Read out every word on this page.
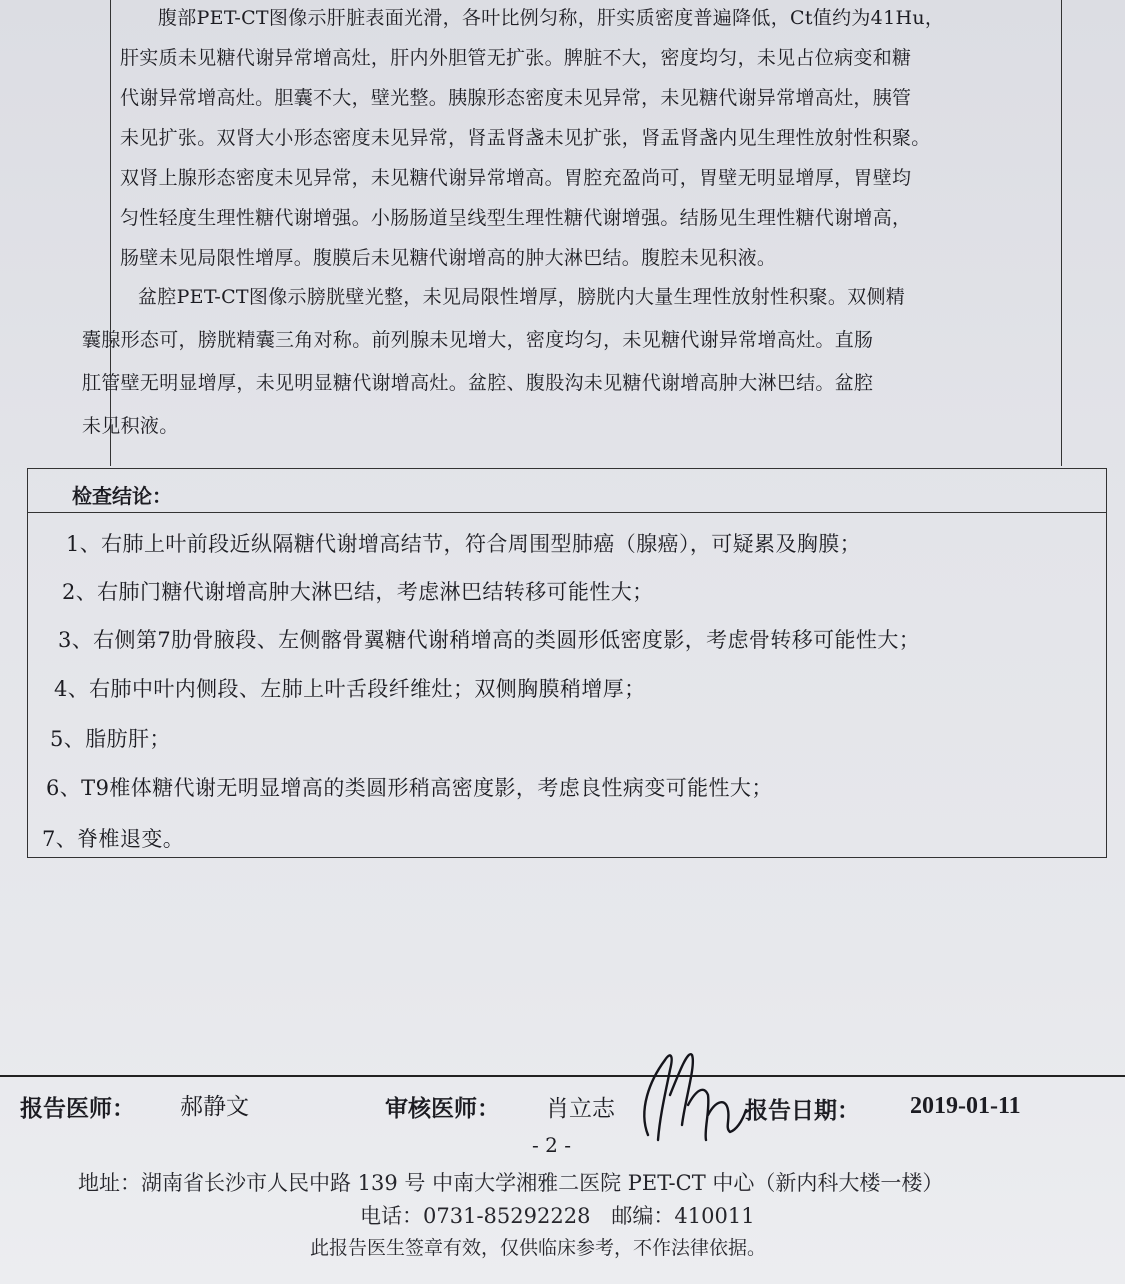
腹部PET-CT图像示肝脏表面光滑，各叶比例匀称，肝实质密度普遍降低，Ct值约为41Hu，
肝实质未见糖代谢异常增高灶，肝内外胆管无扩张。脾脏不大，密度均匀，未见占位病变和糖
代谢异常增高灶。胆囊不大，壁光整。胰腺形态密度未见异常，未见糖代谢异常增高灶，胰管
未见扩张。双肾大小形态密度未见异常，肾盂肾盏未见扩张，肾盂肾盏内见生理性放射性积聚。
双肾上腺形态密度未见异常，未见糖代谢异常增高。胃腔充盈尚可，胃壁无明显增厚，胃壁均
匀性轻度生理性糖代谢增强。小肠肠道呈线型生理性糖代谢增强。结肠见生理性糖代谢增高，
肠壁未见局限性增厚。腹膜后未见糖代谢增高的肿大淋巴结。腹腔未见积液。
盆腔PET-CT图像示膀胱壁光整，未见局限性增厚，膀胱内大量生理性放射性积聚。双侧精
囊腺形态可，膀胱精囊三角对称。前列腺未见增大，密度均匀，未见糖代谢异常增高灶。直肠
肛管壁无明显增厚，未见明显糖代谢增高灶。盆腔、腹股沟未见糖代谢增高肿大淋巴结。盆腔
未见积液。
检查结论：
1、右肺上叶前段近纵隔糖代谢增高结节，符合周围型肺癌（腺癌），可疑累及胸膜；
2、右肺门糖代谢增高肿大淋巴结，考虑淋巴结转移可能性大；
3、右侧第7肋骨腋段、左侧髂骨翼糖代谢稍增高的类圆形低密度影，考虑骨转移可能性大；
4、右肺中叶内侧段、左肺上叶舌段纤维灶；双侧胸膜稍增厚；
5、脂肪肝；
6、T9椎体糖代谢无明显增高的类圆形稍高密度影，考虑良性病变可能性大；
7、脊椎退变。
报告医师： 郝静文	审核医师： 肖立志	报告日期： 2019-01-11
- 2 -
地址：湖南省长沙市人民中路 139 号 中南大学湘雅二医院 PET-CT 中心（新内科大楼一楼）
电话：0731-85292228　邮编：410011
此报告医生签章有效，仅供临床参考，不作法律依据。
